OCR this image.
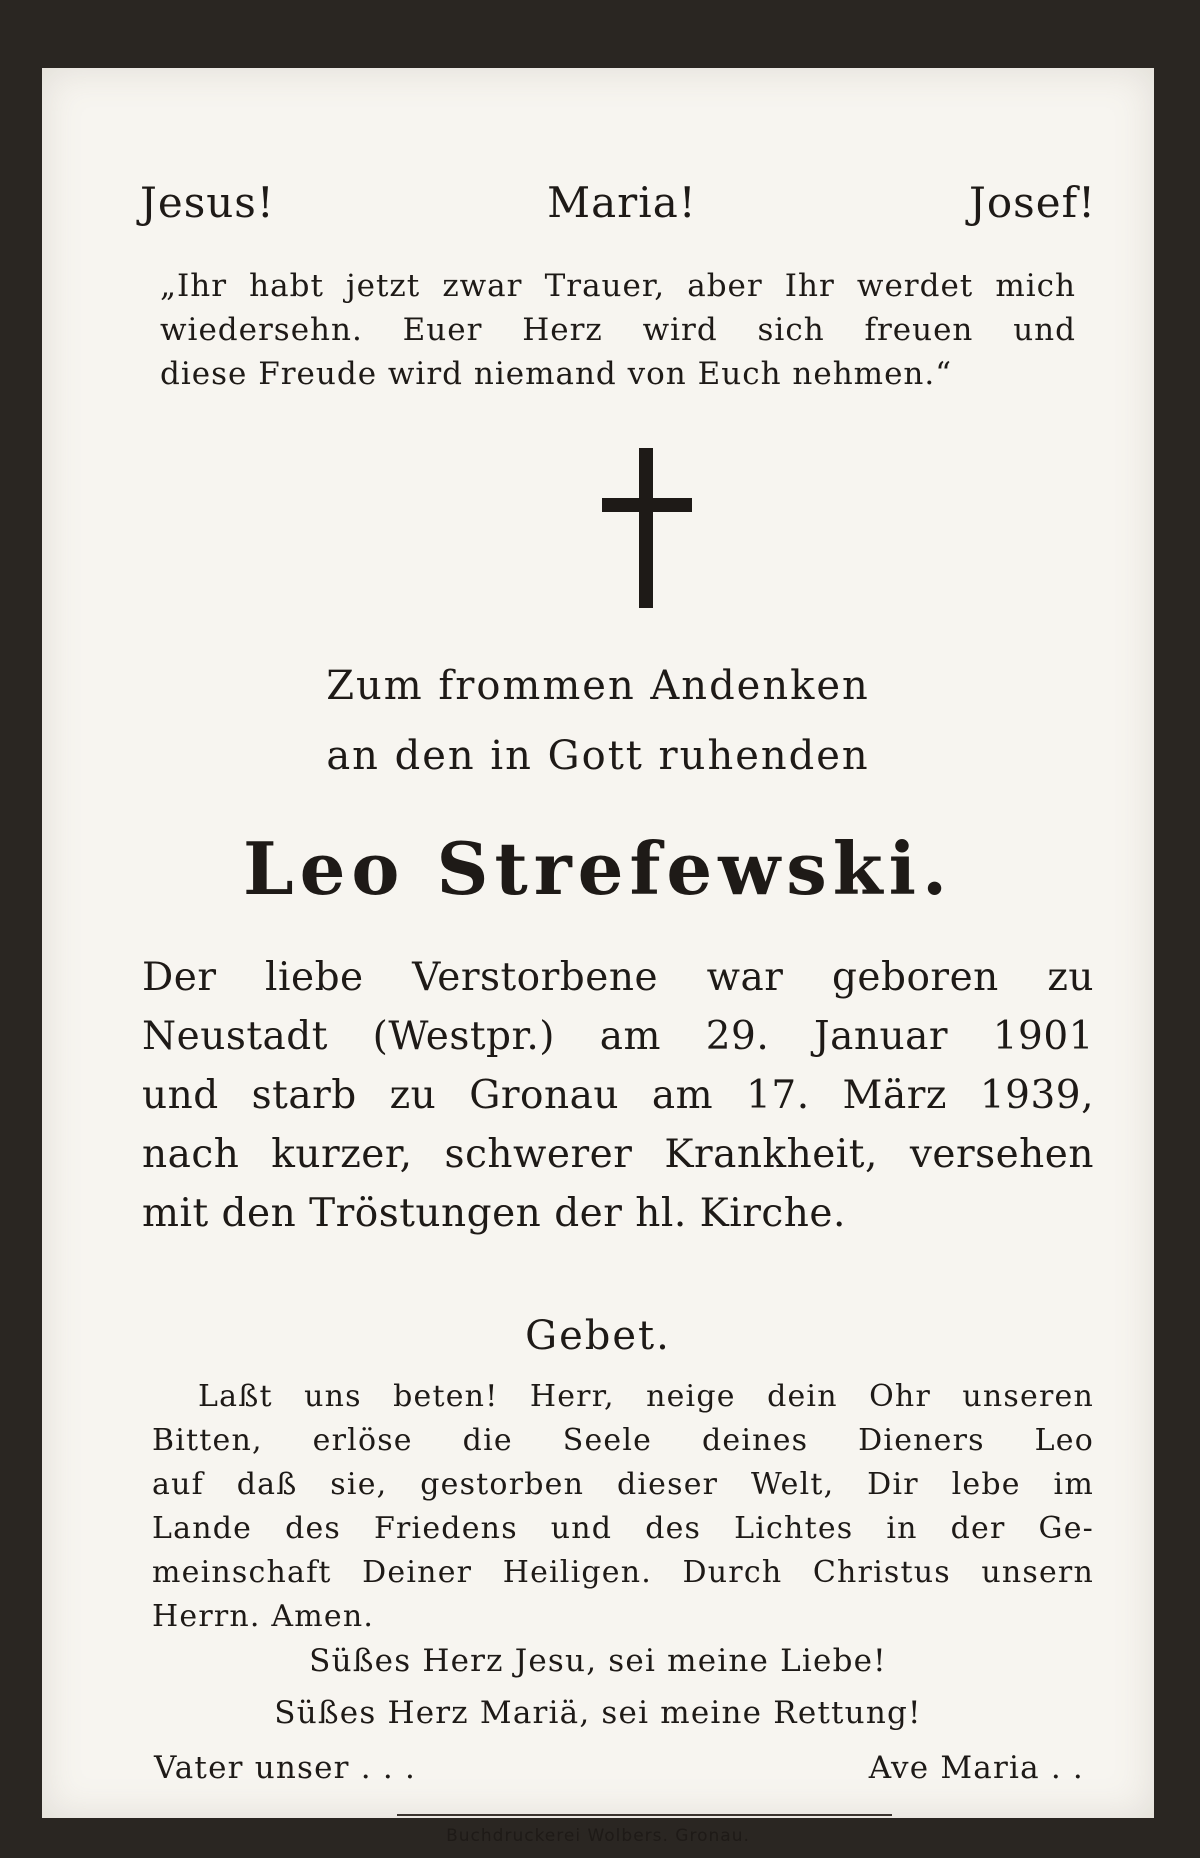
Jesus!	Maria!	Josef!
„Ihr habt jetzt zwar Trauer, aber Ihr werdet mich
wiedersehn. Euer Herz wird sich freuen und
diese Freude wird niemand von Euch nehmen.“
Zum frommen Andenken
an den in Gott ruhenden
Leo Strefewski.
Der liebe Verstorbene war geboren zu
Neustadt (Westpr.) am 29. Januar 1901
und starb zu Gronau am 17. März 1939,
nach kurzer, schwerer Krankheit, versehen
mit den Tröstungen der hl. Kirche.
Gebet.
Laßt uns beten! Herr, neige dein Ohr unseren
Bitten, erlöse die Seele deines Dieners Leo
auf daß sie, gestorben dieser Welt, Dir lebe im
Lande des Friedens und des Lichtes in der Ge-
meinschaft Deiner Heiligen. Durch Christus unsern
Herrn. Amen.
Süßes Herz Jesu, sei meine Liebe!
Süßes Herz Mariä, sei meine Rettung!
Vater unser . . .	Ave Maria . .
Buchdruckerei Wolbers. Gronau.
